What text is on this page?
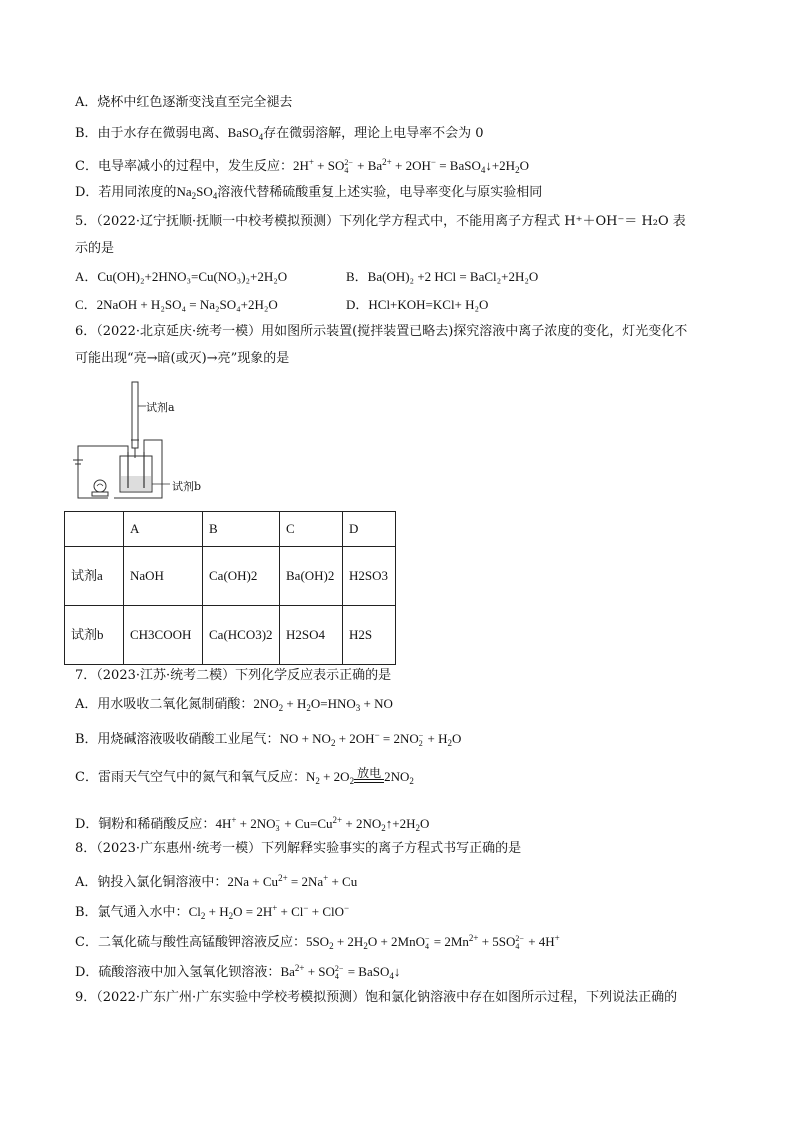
A．烧杯中红色逐渐变浅直至完全褪去
B．由于水存在微弱电离、BaSO$_4$存在微弱溶解，理论上电导率不会为 0
C．电导率减小的过程中，发生反应：2H+ + SO 2−
$4 + Ba^{2+} + 2OH^-$ = $BaSO_4↓+2H_2O$
D．若用同浓度的$Na_2SO_4$溶液代替稀硫酸重复上述实验，电导率变化与原实验相同
5．（2022·辽宁抚顺·抚顺一中校考模拟预测）下列化学方程式中，不能用离子方程式 H⁺＋OH⁻＝ H₂O 表
示的是
A．Cu(OH)₂+2HNO₃=Cu(NO₃)₂+2H₂O	B．Ba(OH)₂ +2 HCl = BaCl₂+2H₂O
C．2NaOH + H₂SO₄ = Na₂SO₄+2H₂O	D．HCl+KOH=KCl+ H₂O
6．（2022·北京延庆·统考一模）用如图所示装置(搅拌装置已略去)探究溶液中离子浓度的变化，灯光变化不
可能出现“亮→暗(或灭)→亮”现象的是
试剂a
试剂b
	A	B	C	D
试剂a	NaOH	Ca(OH)2	Ba(OH)2	H2SO3
试剂b	CH3COOH	Ca(HCO3)2	H2SO4	H2S
7．（2023·江苏·统考二模）下列化学反应表示正确的是
A．用水吸收二氧化氮制硝酸：$2NO_2 + H_2O=HNO_3$ + NO
B．用烧碱溶液吸收硝酸工业尾气：NO + $NO_2 + 2OH^- = 2NO$ −
$2 + H_2O$
C．雷雨天气空气中的氮气和氧气反应：$N_2 + 2O_2$
放电 $2NO_2$
D．铜粉和稀硝酸反应：4H+ + 2NO −
$3 + Cu=Cu^{2+}$ + $2NO_2↑+2H_2O$
8．（2023·广东惠州·统考一模）下列解释实验事实的离子方程式书写正确的是
A．钠投入氯化铜溶液中：$2Na + Cu^{2+} = 2Na^+ + Cu$
B．氯气通入水中：$Cl_2 + H_2O = 2H^+ + Cl^- + ClO^-$
C．二氧化硫与酸性高锰酸钾溶液反应：$5SO_2 + 2H_2O + 2MnO$ −
$4 = 2Mn^{2+} + 5SO$ 2−
4 + 4H+
D．硫酸溶液中加入氢氧化钡溶液：$Ba^{2+}$ + SO 2−
4 = BaSO$_4$↓
9．（2022·广东广州·广东实验中学校考模拟预测）饱和氯化钠溶液中存在如图所示过程，下列说法正确的
